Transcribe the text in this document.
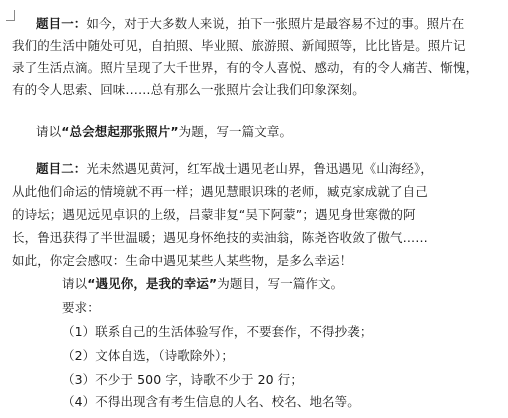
题目一：如今，对于大多数人来说，拍下一张照片是最容易不过的事。照片在
我们的生活中随处可见，自拍照、毕业照、旅游照、新闻照等，比比皆是。照片记
录了生活点滴。照片呈现了大千世界，有的令人喜悦、感动，有的令人痛苦、惭愧，
有的令人思索、回味……总有那么一张照片会让我们印象深刻。
请以“总会想起那张照片”为题，写一篇文章。
题目二：光未然遇见黄河，红军战士遇见老山界，鲁迅遇见《山海经》，
从此他们命运的情境就不再一样；遇见慧眼识珠的老师，臧克家成就了自己
的诗坛；遇见远见卓识的上级，吕蒙非复“吴下阿蒙”；遇见身世寒微的阿
长，鲁迅获得了半世温暖；遇见身怀绝技的卖油翁，陈尧咨收敛了傲气……
如此，你定会感叹：生命中遇见某些人某些物，是多么幸运！
请以“遇见你，是我的幸运”为题目，写一篇作文。
要求：
（1）联系自己的生活体验写作，不要套作，不得抄袭；
（2）文体自选，（诗歌除外）；
（3）不少于 500 字，诗歌不少于 20 行；
（4）不得出现含有考生信息的人名、校名、地名等。
